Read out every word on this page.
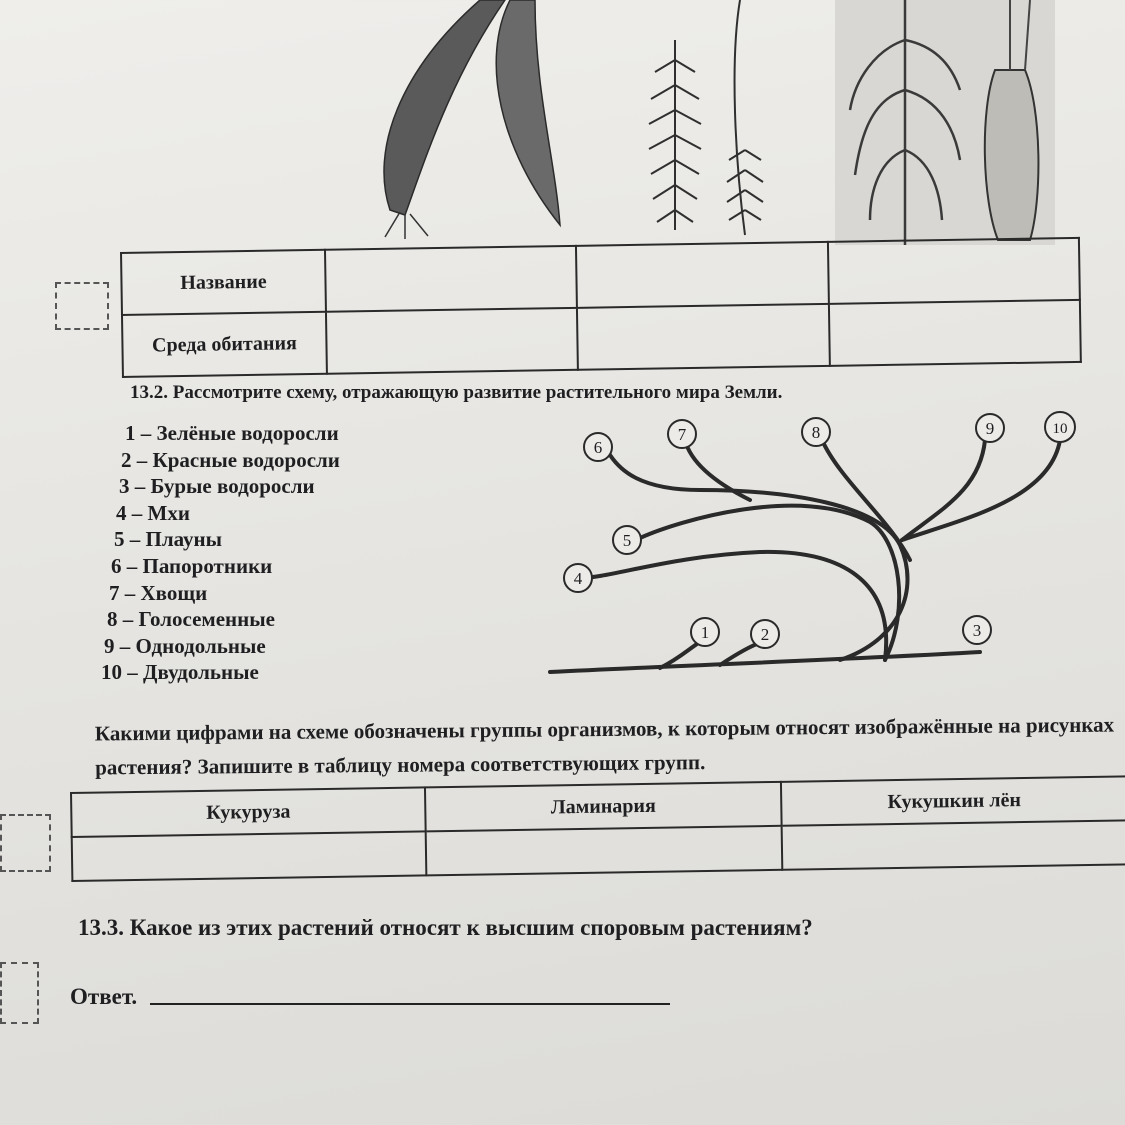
Название			
Среда обитания			
13.2. Рассмотрите схему, отражающую развитие растительного мира Земли.
1 – Зелёные водоросли
2 – Красные водоросли
3 – Бурые водоросли
4 – Мхи
5 – Плауны
6 – Папоротники
7 – Хвощи
8 – Голосеменные
9 – Однодольные
10 – Двудольные
1	2	3
4
5
6
7	8	9	10
Какими цифрами на схеме обозначены группы организмов, к которым относят изображённые на рисунках растения? Запишите в таблицу номера соответствующих групп.
Кукуруза	Ламинария	Кукушкин лён

13.3. Какое из этих растений относят к высшим споровым растениям?
Ответ.
